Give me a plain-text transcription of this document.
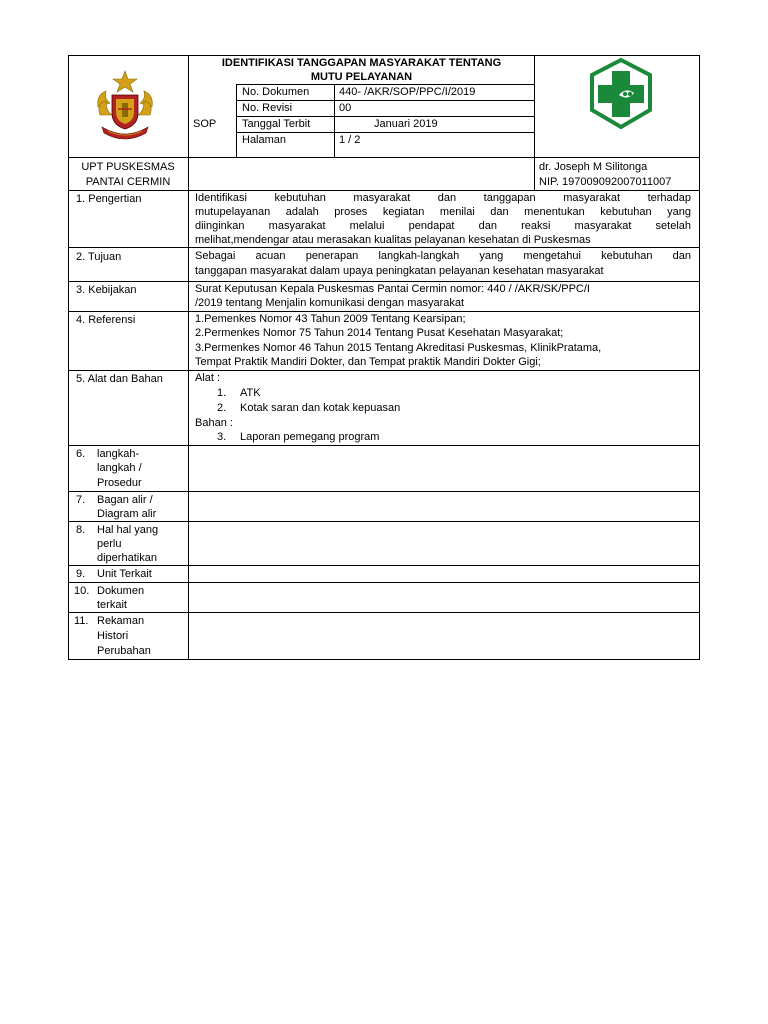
IDENTIFIKASI TANGGAPAN MASYARAKAT TENTANG
MUTU PELAYANAN
SOP
No. Dokumen	440- /AKR/SOP/PPC/I/2019
No. Revisi	00
Tanggal Terbit	Januari 2019
Halaman	1 / 2
UPT PUSKESMAS
PANTAI CERMIN
dr. Joseph M Silitonga
NIP. 197009092007011007
1. Pengertian	Identifikasi kebutuhan masyarakat dan tanggapan masyarakat terhadap
mutupelayanan adalah proses kegiatan menilai dan menentukan kebutuhan yang
diinginkan masyarakat melalui pendapat dan reaksi masyarakat setelah
melihat,mendengar atau merasakan kualitas pelayanan kesehatan di Puskesmas
2. Tujuan	Sebagai acuan penerapan langkah-langkah yang mengetahui kebutuhan dan
tanggapan masyarakat dalam upaya peningkatan pelayanan kesehatan masyarakat
3. Kebijakan	Surat Keputusan Kepala Puskesmas Pantai Cermin nomor: 440 / /AKR/SK/PPC/I
/2019 tentang Menjalin komunikasi dengan masyarakat
4. Referensi	1.Pemenkes Nomor 43 Tahun 2009 Tentang Kearsipan;
2.Permenkes Nomor 75 Tahun 2014 Tentang Pusat Kesehatan Masyarakat;
3.Permenkes Nomor 46 Tahun 2015 Tentang Akreditasi Puskesmas, KlinikPratama,
Tempat Praktik Mandiri Dokter, dan Tempat praktik Mandiri Dokter Gigi;
5. Alat dan Bahan	Alat :
1. ATK
2. Kotak saran dan kotak kepuasan
Bahan :
3. Laporan pemegang program
6. langkah-
langkah /
Prosedur
7. Bagan alir /
Diagram alir
8. Hal hal yang
perlu
diperhatikan
9. Unit Terkait
10. Dokumen
terkait
11. Rekaman
Histori
Perubahan
